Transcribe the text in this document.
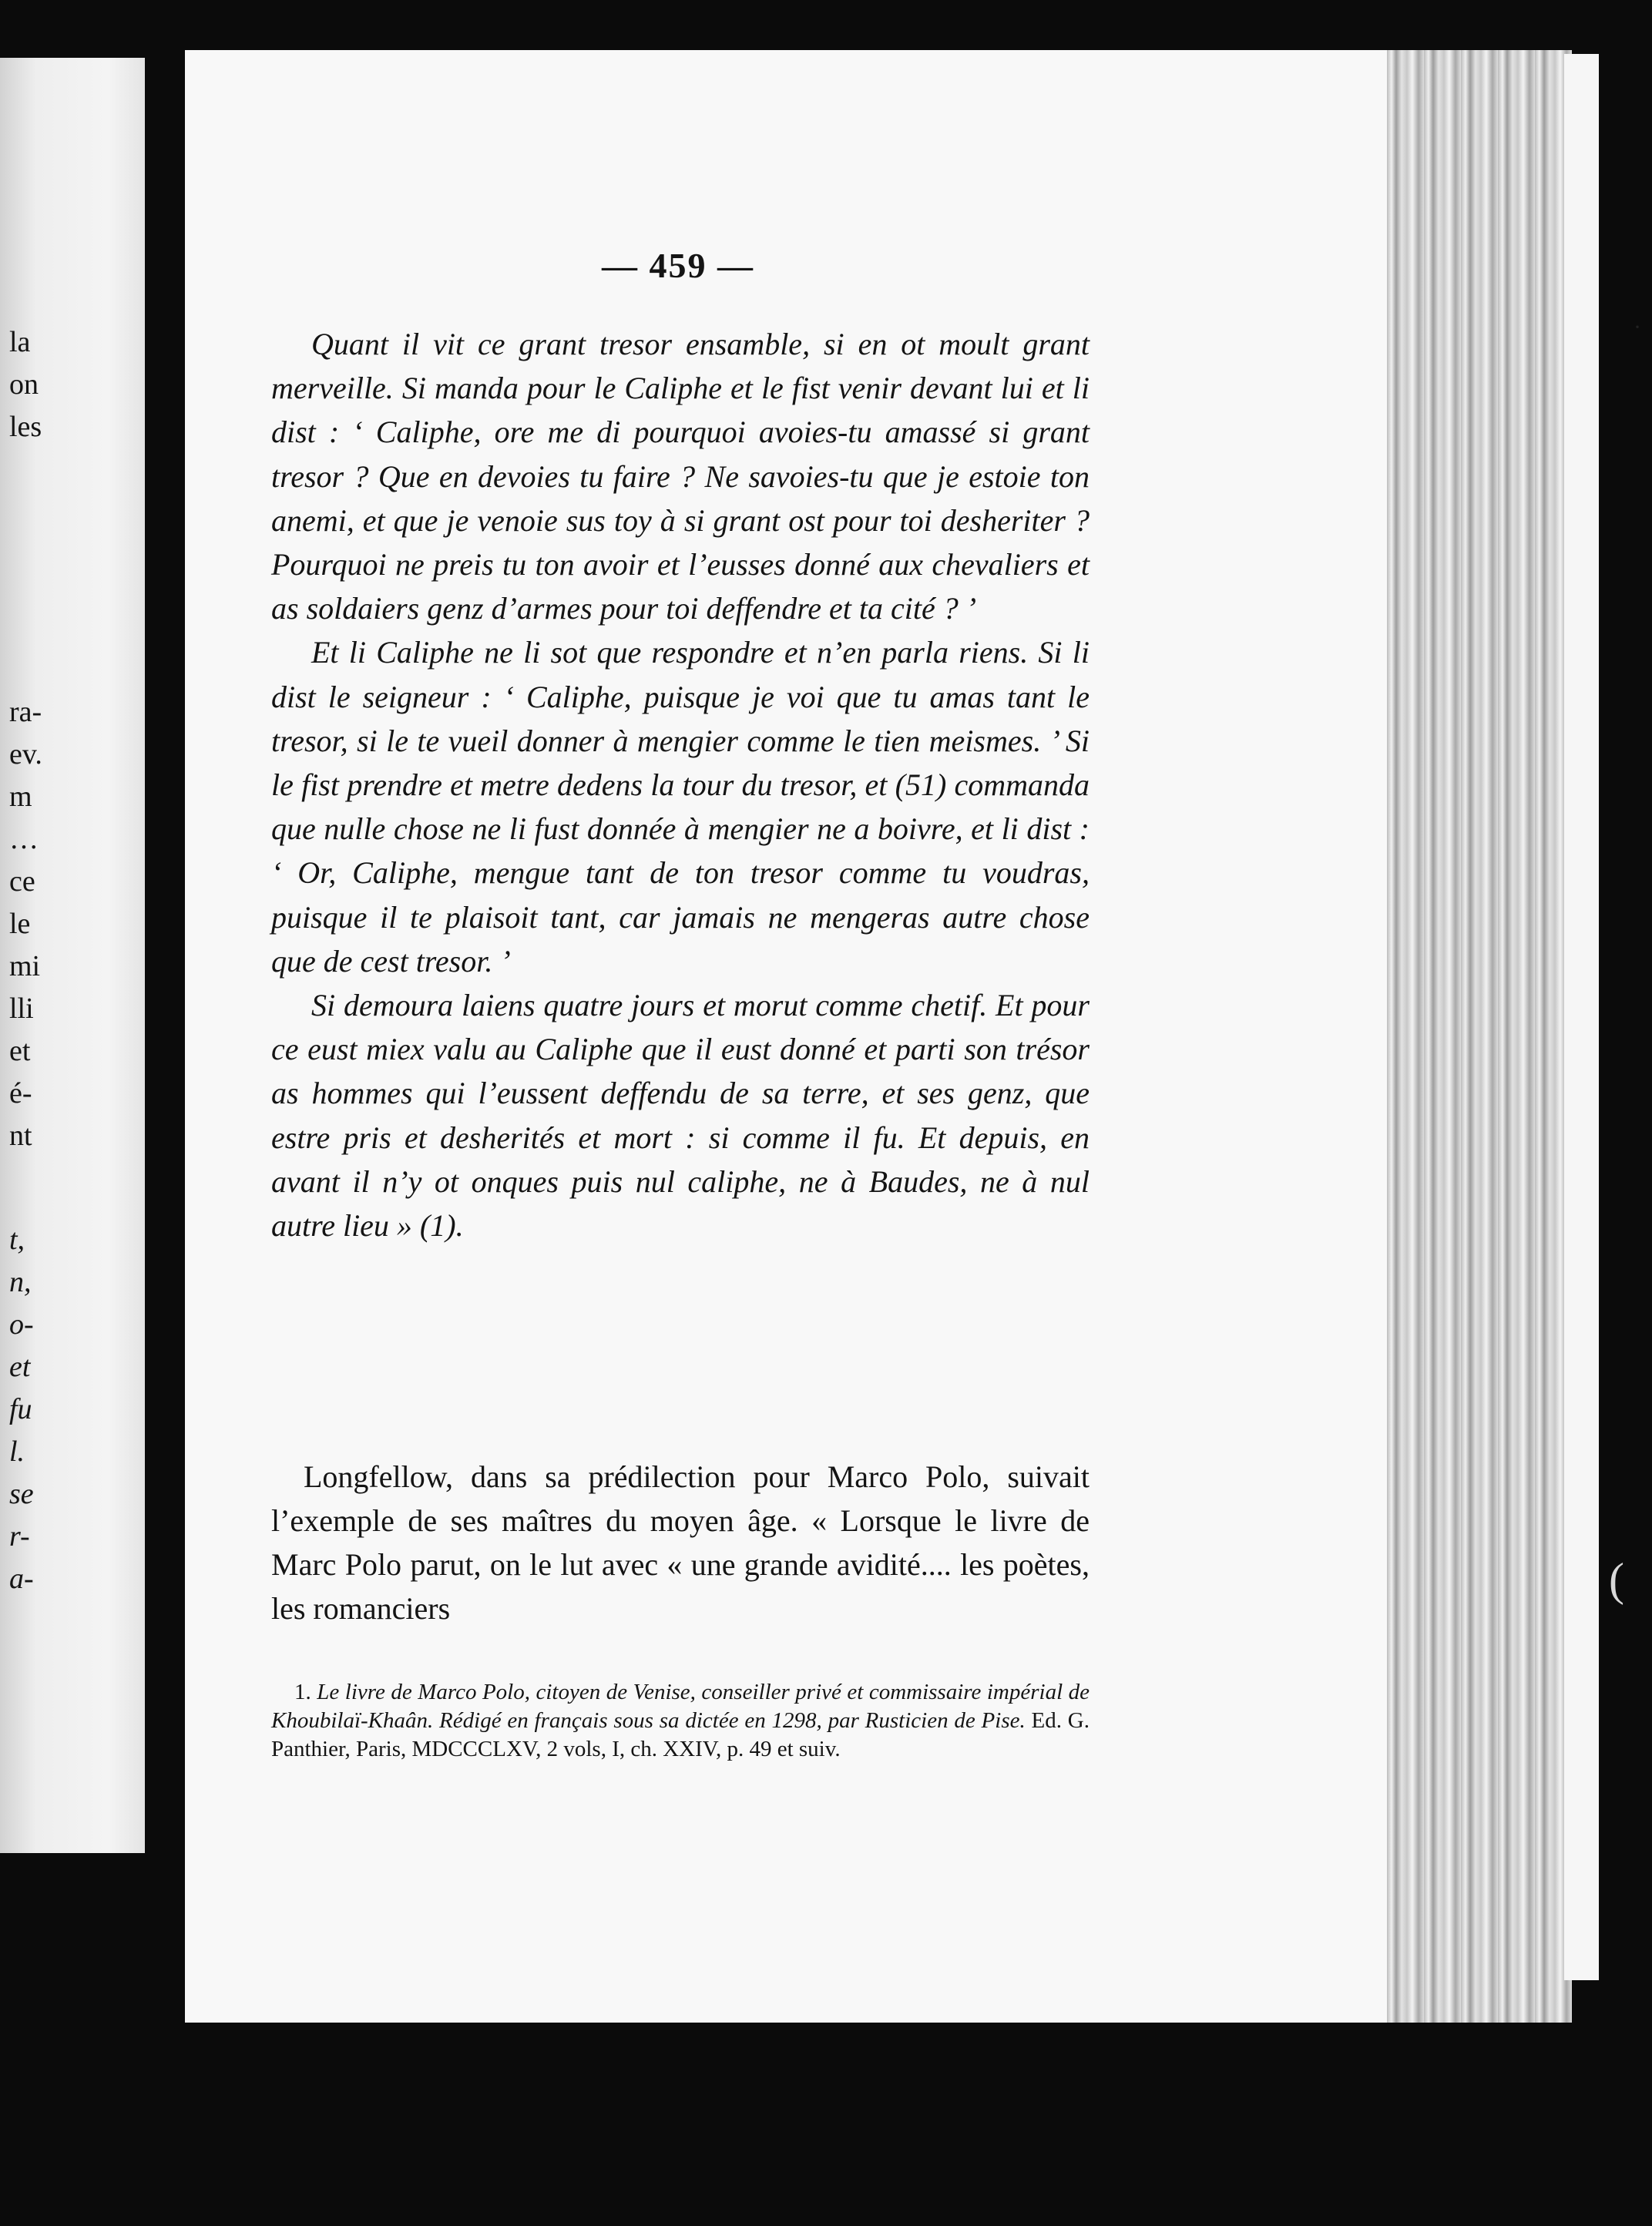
la
on
les
ra-
ev.
m
…
ce
le
mi
lli
et
é-
nt
t,
n,
o-
et
fu
l.
se
r-
a-
— 459 —

Quant il vit ce grant tresor ensamble, si en ot moult grant merveille. Si manda pour le Caliphe et le fist venir devant lui et li dist : ‘ Caliphe, ore me di pourquoi avoies-tu amassé si grant tresor ? Que en devoies tu faire ? Ne savoies-tu que je estoie ton anemi, et que je venoie sus toy à si grant ost pour toi desheriter ? Pourquoi ne preis tu ton avoir et l’eusses donné aux chevaliers et as soldaiers genz d’armes pour toi deffendre et ta cité ? ’

Et li Caliphe ne li sot que respondre et n’en parla riens. Si li dist le seigneur : ‘ Caliphe, puisque je voi que tu amas tant le tresor, si le te vueil donner à mengier comme le tien meismes. ’ Si le fist prendre et metre dedens la tour du tresor, et (51) commanda que nulle chose ne li fust donnée à mengier ne a boivre, et li dist : ‘ Or, Caliphe, mengue tant de ton tresor comme tu voudras, puisque il te plaisoit tant, car jamais ne mengeras autre chose que de cest tresor. ’

Si demoura laiens quatre jours et morut comme chetif. Et pour ce eust miex valu au Caliphe que il eust donné et parti son trésor as hommes qui l’eussent deffendu de sa terre, et ses genz, que estre pris et desherités et mort : si comme il fu. Et depuis, en avant il n’y ot onques puis nul caliphe, ne à Baudes, ne à nul autre lieu » (1).

Longfellow, dans sa prédilection pour Marco Polo, suivait l’exemple de ses maîtres du moyen âge. « Lorsque le livre de Marc Polo parut, on le lut avec « une grande avidité.... les poètes, les romanciers

1. Le livre de Marco Polo, citoyen de Venise, conseiller privé et commissaire impérial de Khoubilaï-Khaân. Rédigé en français sous sa dictée en 1298, par Rusticien de Pise. Ed. G. Panthier, Paris, MDCCCLXV, 2 vols, I, ch. XXIV, p. 49 et suiv.

·
(
